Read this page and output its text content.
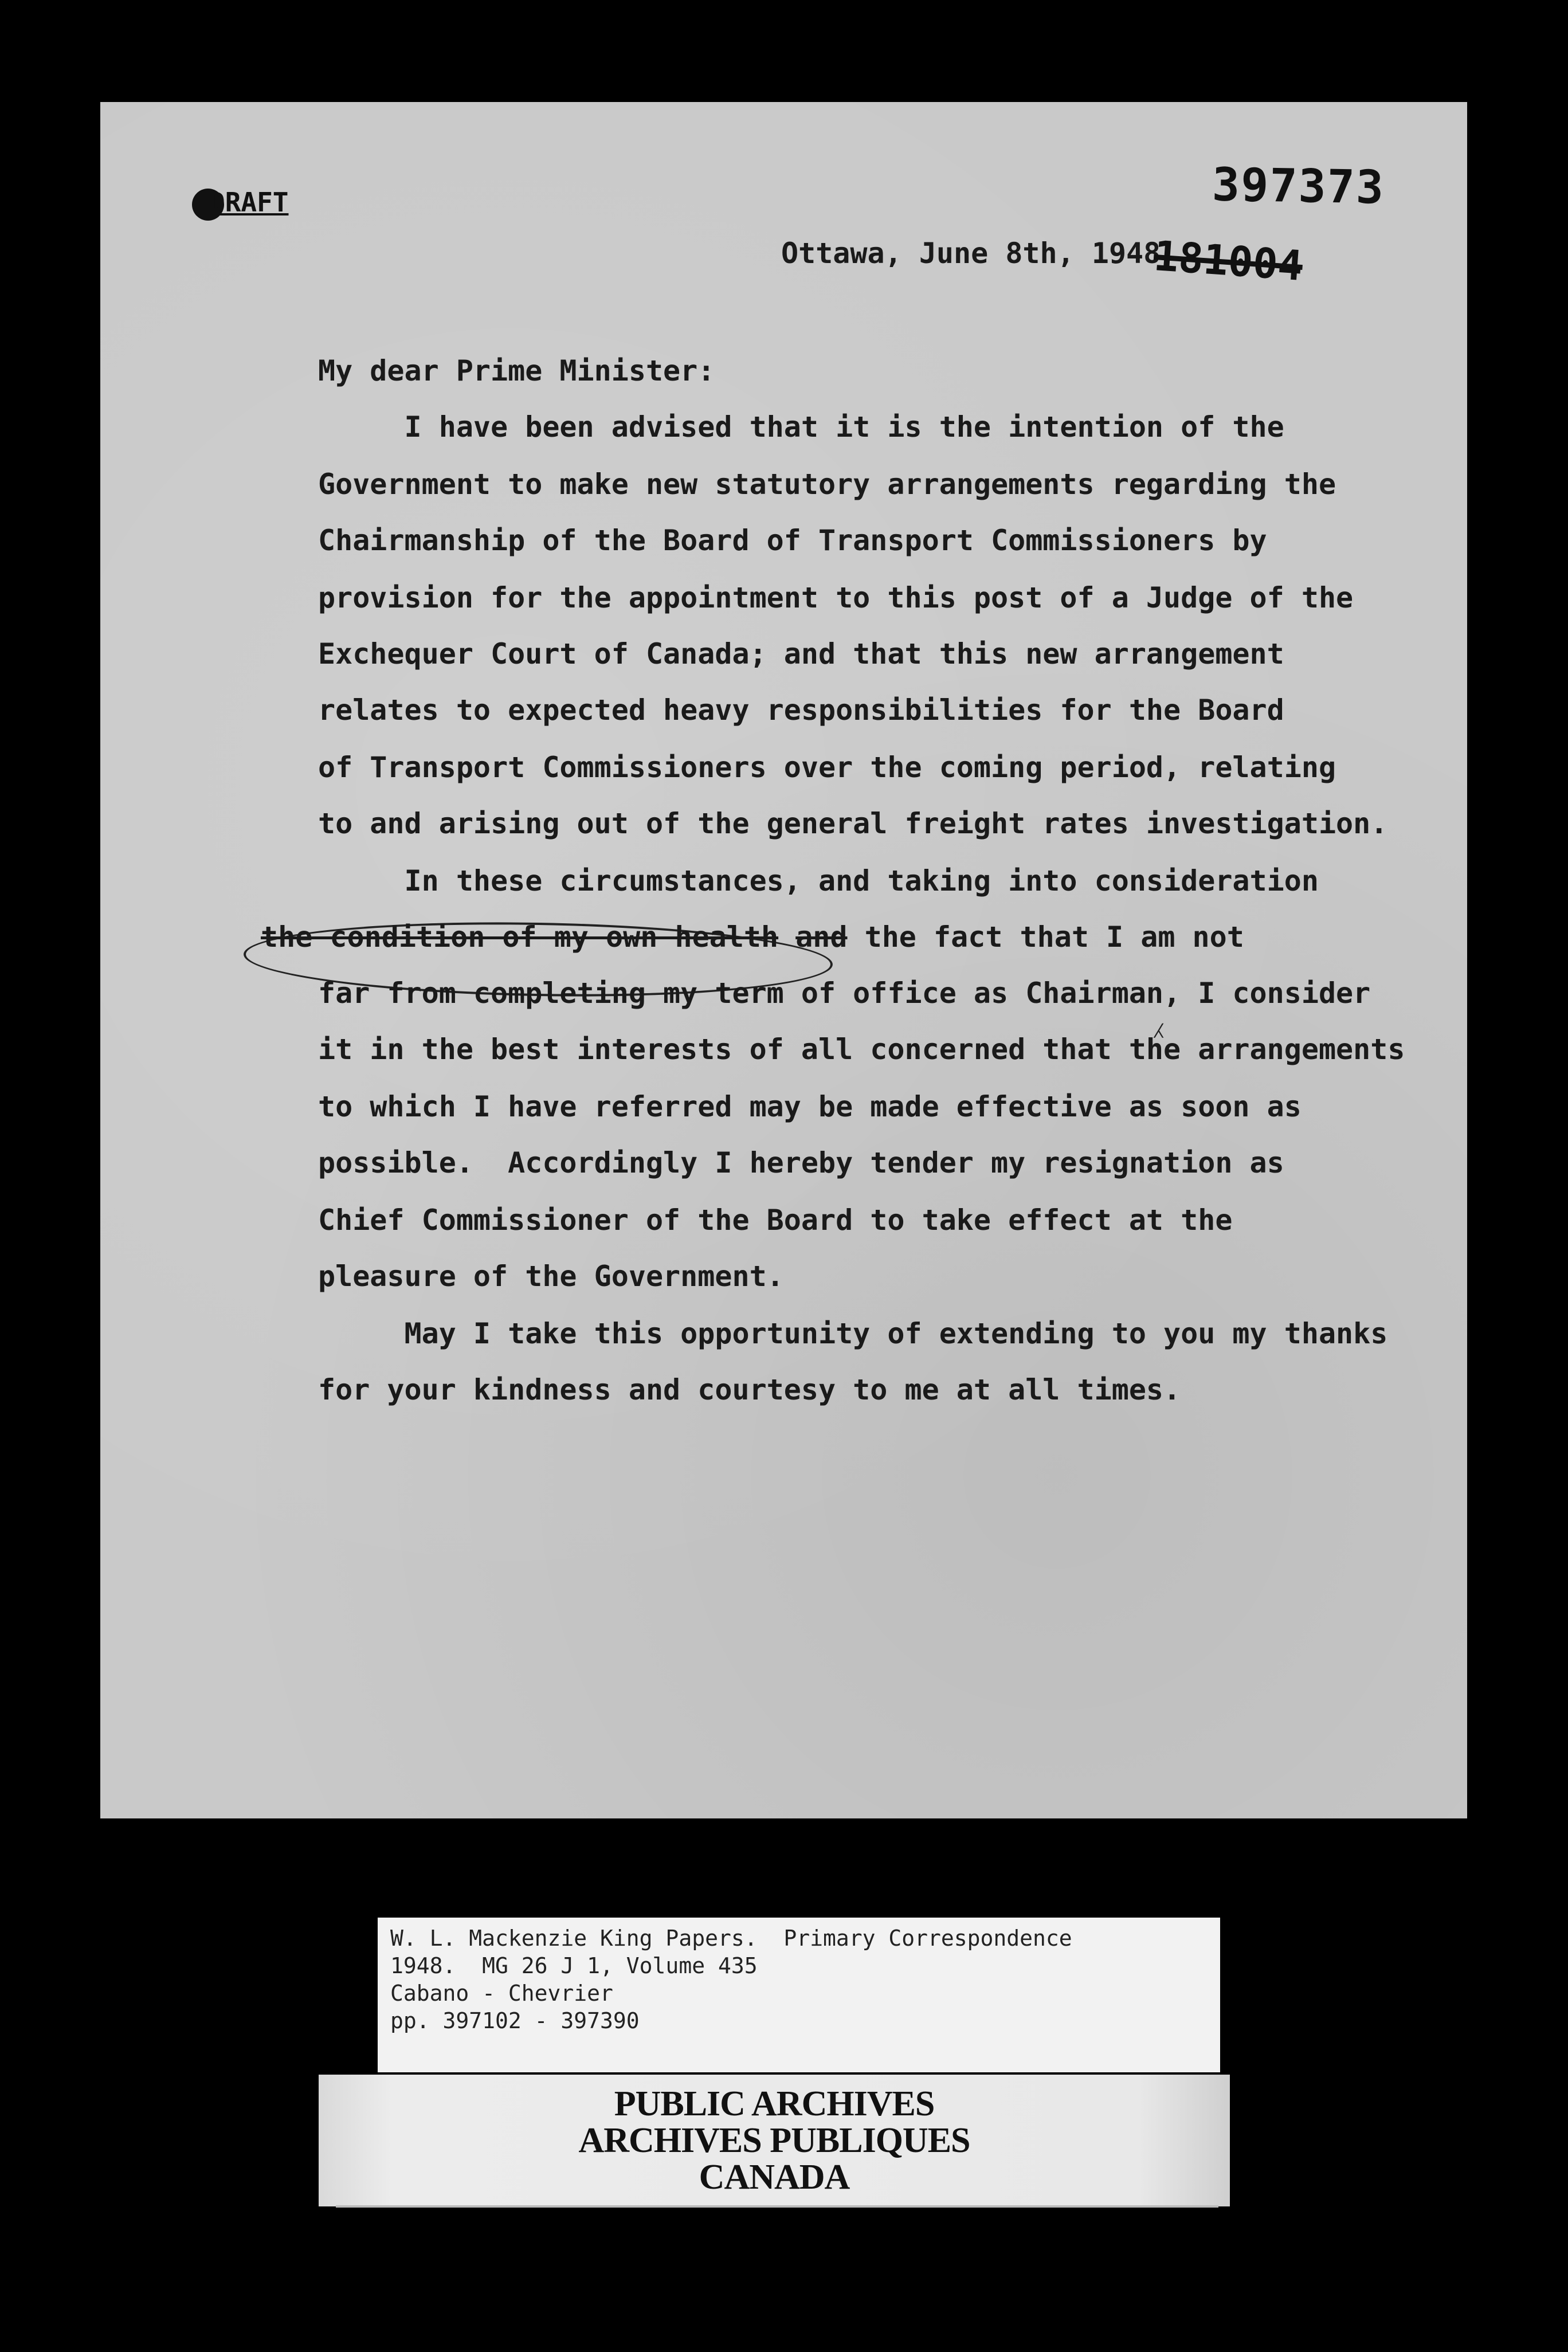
DRAFT	397373
Ottawa, June 8th, 1948
181004
My dear Prime Minister:
I have been advised that it is the intention of the
Government to make new statutory arrangements regarding the
Chairmanship of the Board of Transport Commissioners by
provision for the appointment to this post of a Judge of the
Exchequer Court of Canada; and that this new arrangement
relates to expected heavy responsibilities for the Board
of Transport Commissioners over the coming period, relating
to and arising out of the general freight rates investigation.
In these circumstances, and taking into consideration
the condition of my own health and the fact that I am not
far from completing my term of office as Chairman, I consider
⁁
it in the best interests of all concerned that the arrangements
to which I have referred may be made effective as soon as
possible.  Accordingly I hereby tender my resignation as
Chief Commissioner of the Board to take effect at the
pleasure of the Government.
May I take this opportunity of extending to you my thanks
for your kindness and courtesy to me at all times.
W. L. Mackenzie King Papers.  Primary Correspondence
1948.  MG 26 J 1, Volume 435
Cabano - Chevrier
pp. 397102 - 397390
PUBLIC ARCHIVES
ARCHIVES PUBLIQUES
CANADA
